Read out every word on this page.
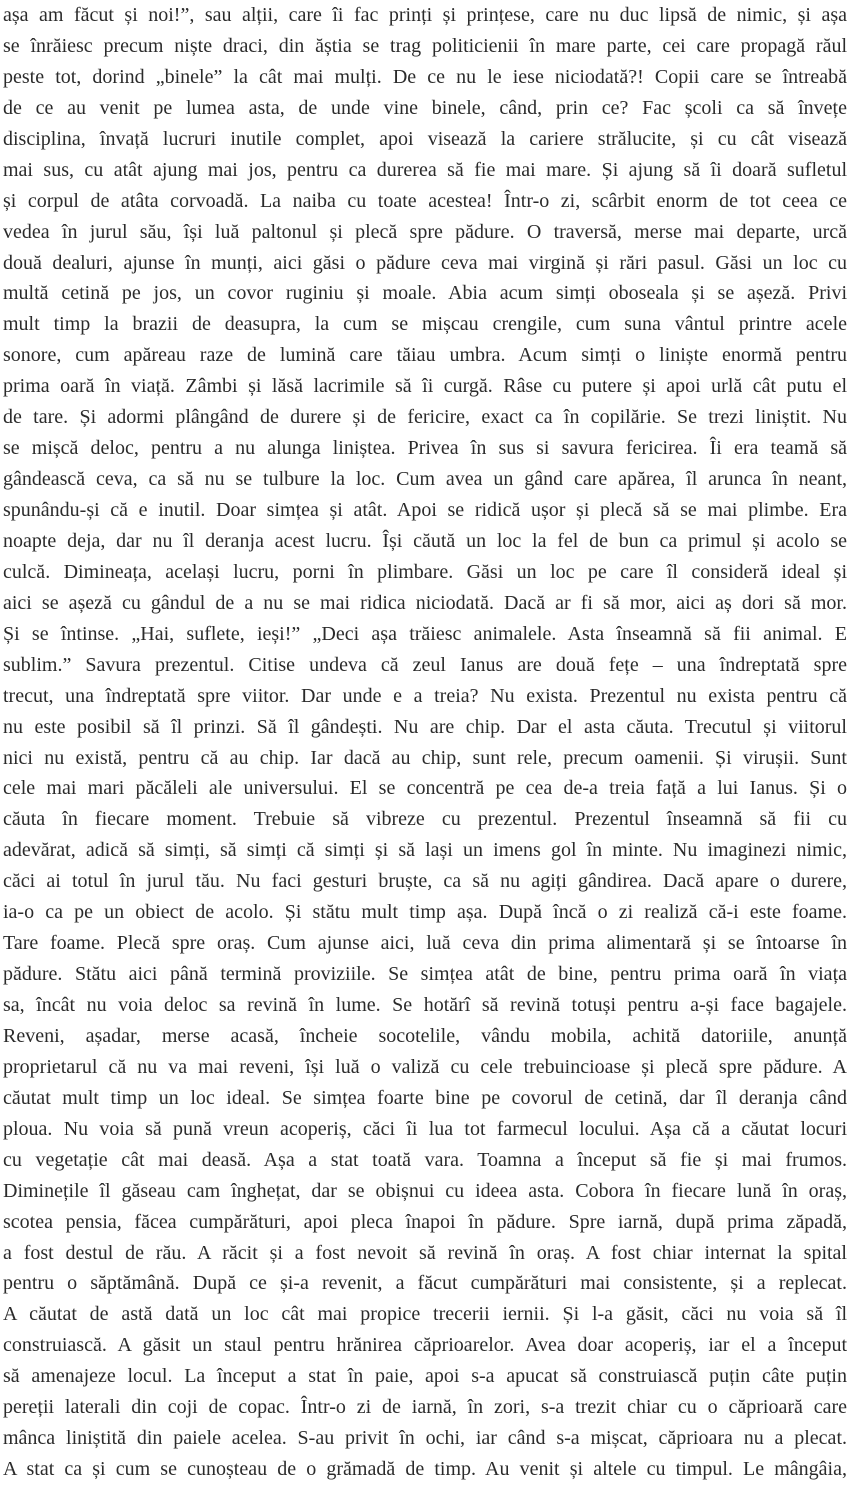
așa am făcut și noi!”, sau alții, care îi fac prinți și prințese, care nu duc lipsă de nimic, și așa
se înrăiesc precum niște draci, din ăștia se trag politicienii în mare parte, cei care propagă răul
peste tot, dorind „binele” la cât mai mulți. De ce nu le iese niciodată?! Copii care se întreabă
de ce au venit pe lumea asta, de unde vine binele, când, prin ce? Fac școli ca să învețe
disciplina, învață lucruri inutile complet, apoi visează la cariere strălucite, și cu cât visează
mai sus, cu atât ajung mai jos, pentru ca durerea să fie mai mare. Și ajung să îi doară sufletul
și corpul de atâta corvoadă. La naiba cu toate acestea! Într-o zi, scârbit enorm de tot ceea ce
vedea în jurul său, își luă paltonul și plecă spre pădure. O traversă, merse mai departe, urcă
două dealuri, ajunse în munți, aici găsi o pădure ceva mai virgină și rări pasul. Găsi un loc cu
multă cetină pe jos, un covor ruginiu și moale. Abia acum simți oboseala și se așeză. Privi
mult timp la brazii de deasupra, la cum se mișcau crengile, cum suna vântul printre acele
sonore, cum apăreau raze de lumină care tăiau umbra. Acum simți o liniște enormă pentru
prima oară în viață. Zâmbi și lăsă lacrimile să îi curgă. Râse cu putere și apoi urlă cât putu el
de tare. Și adormi plângând de durere și de fericire, exact ca în copilărie. Se trezi liniștit. Nu
se mișcă deloc, pentru a nu alunga liniștea. Privea în sus si savura fericirea. Îi era teamă să
gândească ceva, ca să nu se tulbure la loc. Cum avea un gând care apărea, îl arunca în neant,
spunându-și că e inutil. Doar simțea și atât. Apoi se ridică ușor și plecă să se mai plimbe. Era
noapte deja, dar nu îl deranja acest lucru. Își căută un loc la fel de bun ca primul și acolo se
culcă. Dimineața, același lucru, porni în plimbare. Găsi un loc pe care îl consideră ideal și
aici se așeză cu gândul de a nu se mai ridica niciodată. Dacă ar fi să mor, aici aș dori să mor.
Și se întinse. „Hai, suflete, ieși!” „Deci așa trăiesc animalele. Asta înseamnă să fii animal. E
sublim.” Savura prezentul. Citise undeva că zeul Ianus are două fețe – una îndreptată spre
trecut, una îndreptată spre viitor. Dar unde e a treia? Nu exista. Prezentul nu exista pentru că
nu este posibil să îl prinzi. Să îl gândești. Nu are chip. Dar el asta căuta. Trecutul și viitorul
nici nu există, pentru că au chip. Iar dacă au chip, sunt rele, precum oamenii. Și virușii. Sunt
cele mai mari păcăleli ale universului. El se concentră pe cea de-a treia față a lui Ianus. Și o
căuta în fiecare moment. Trebuie să vibreze cu prezentul. Prezentul înseamnă să fii cu
adevărat, adică să simți, să simți că simți și să lași un imens gol în minte. Nu imaginezi nimic,
căci ai totul în jurul tău. Nu faci gesturi bruște, ca să nu agiți gândirea. Dacă apare o durere,
ia-o ca pe un obiect de acolo. Și stătu mult timp așa. După încă o zi realiză că-i este foame.
Tare foame. Plecă spre oraș. Cum ajunse aici, luă ceva din prima alimentară și se întoarse în
pădure. Stătu aici până termină proviziile. Se simțea atât de bine, pentru prima oară în viața
sa, încât nu voia deloc sa revină în lume. Se hotărî să revină totuși pentru a-și face bagajele.
Reveni, așadar, merse acasă, încheie socotelile, vându mobila, achită datoriile, anunță
proprietarul că nu va mai reveni, își luă o valiză cu cele trebuincioase și plecă spre pădure. A
căutat mult timp un loc ideal. Se simțea foarte bine pe covorul de cetină, dar îl deranja când
ploua. Nu voia să pună vreun acoperiș, căci îi lua tot farmecul locului. Așa că a căutat locuri
cu vegetație cât mai deasă. Așa a stat toată vara. Toamna a început să fie și mai frumos.
Diminețile îl găseau cam înghețat, dar se obișnui cu ideea asta. Cobora în fiecare lună în oraș,
scotea pensia, făcea cumpărături, apoi pleca înapoi în pădure. Spre iarnă, după prima zăpadă,
a fost destul de rău. A răcit și a fost nevoit să revină în oraș. A fost chiar internat la spital
pentru o săptămână. După ce și-a revenit, a făcut cumpărături mai consistente, și a replecat.
A căutat de astă dată un loc cât mai propice trecerii iernii. Și l-a găsit, căci nu voia să îl
construiască. A găsit un staul pentru hrănirea căprioarelor. Avea doar acoperiș, iar el a început
să amenajeze locul. La început a stat în paie, apoi s-a apucat să construiască puțin câte puțin
pereții laterali din coji de copac. Într-o zi de iarnă, în zori, s-a trezit chiar cu o căprioară care
mânca liniștită din paiele acelea. S-au privit în ochi, iar când s-a mișcat, căprioara nu a plecat.
A stat ca și cum se cunoșteau de o grămadă de timp. Au venit și altele cu timpul. Le mângâia,
